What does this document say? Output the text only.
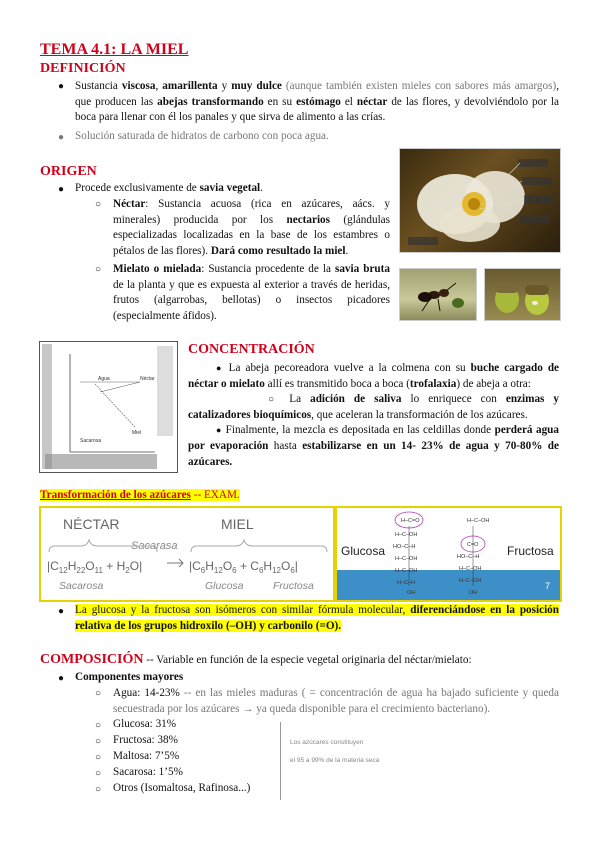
TEMA 4.1: LA MIEL
DEFINICIÓN
● Sustancia viscosa, amarillenta y muy dulce (aunque también existen mieles con sabores más amargos), que producen las abejas transformando en su estómago el néctar de las flores, y devolviéndolo por la boca para llenar con él los panales y que sirva de alimento a las crías.
● Solución saturada de hidratos de carbono con poca agua.
ORIGEN
● Procede exclusivamente de savia vegetal.
○ Néctar: Sustancia acuosa (rica en azúcares, aács. y minerales) producida por los nectarios (glándulas especializadas localizadas en la base de los estambres o pétalos de las flores). Dará como resultado la miel.
○ Mielato o mielada: Sustancia procedente de la savia bruta de la planta y que es expuesta al exterior a través de heridas, frutos (algarrobas, bellotas) o insectos picadores (especialmente áfidos).
Agua	Néctar
Miel
Sacarosa
CONCENTRACIÓN
● La abeja pecoreadora vuelve a la colmena con su buche cargado de néctar o mielato allí es transmitido boca a boca (trofalaxia) de abeja a otra:
○ La adición de saliva lo enriquece con enzimas y catalizadores bioquímicos, que aceleran la transformación de los azúcares.
● Finalmente, la mezcla es depositada en las celdillas donde perderá agua por evaporación hasta estabilizarse en un 14- 23% de agua y 70-80% de azúcares.
Transformación de los azúcares -- EXAM.
NÉCTAR	MIEL
Sacarasa
$|C_{12}H_{22}O_{11} + H_2O|$	$|C_6H_{12}O_6 + C_6H_{12}O_6|$
Sacarosa	Glucosa	Fructosa
Glucosa	Fructosa
H–C=O
H–C–OH
HO–C–H
H–C–OH
H–C–OH
H–C–H
OH
H–C–OH
C=O
HO–C–H
H–C–OH
H–C–OH
OH
7
● La glucosa y la fructosa son isómeros con similar fórmula molecular, diferenciándose en la posición relativa de los grupos hidroxilo (–OH) y carbonilo (=O).
COMPOSICIÓN -- Variable en función de la especie vegetal originaria del néctar/mielato:
● Componentes mayores
○ Agua: 14-23% -- en las mieles maduras ( = concentración de agua ha bajado suficiente y queda secuestrada por los azúcares → ya queda disponible para el crecimiento bacteriano).
○ Glucosa: 31%
○ Fructosa: 38%
○ Maltosa: 7’5%
○ Sacarosa: 1’5%
○ Otros (Isomaltosa, Rafinosa...)
Los azúcares constituyen
el 95 a 99% de la materia seca
